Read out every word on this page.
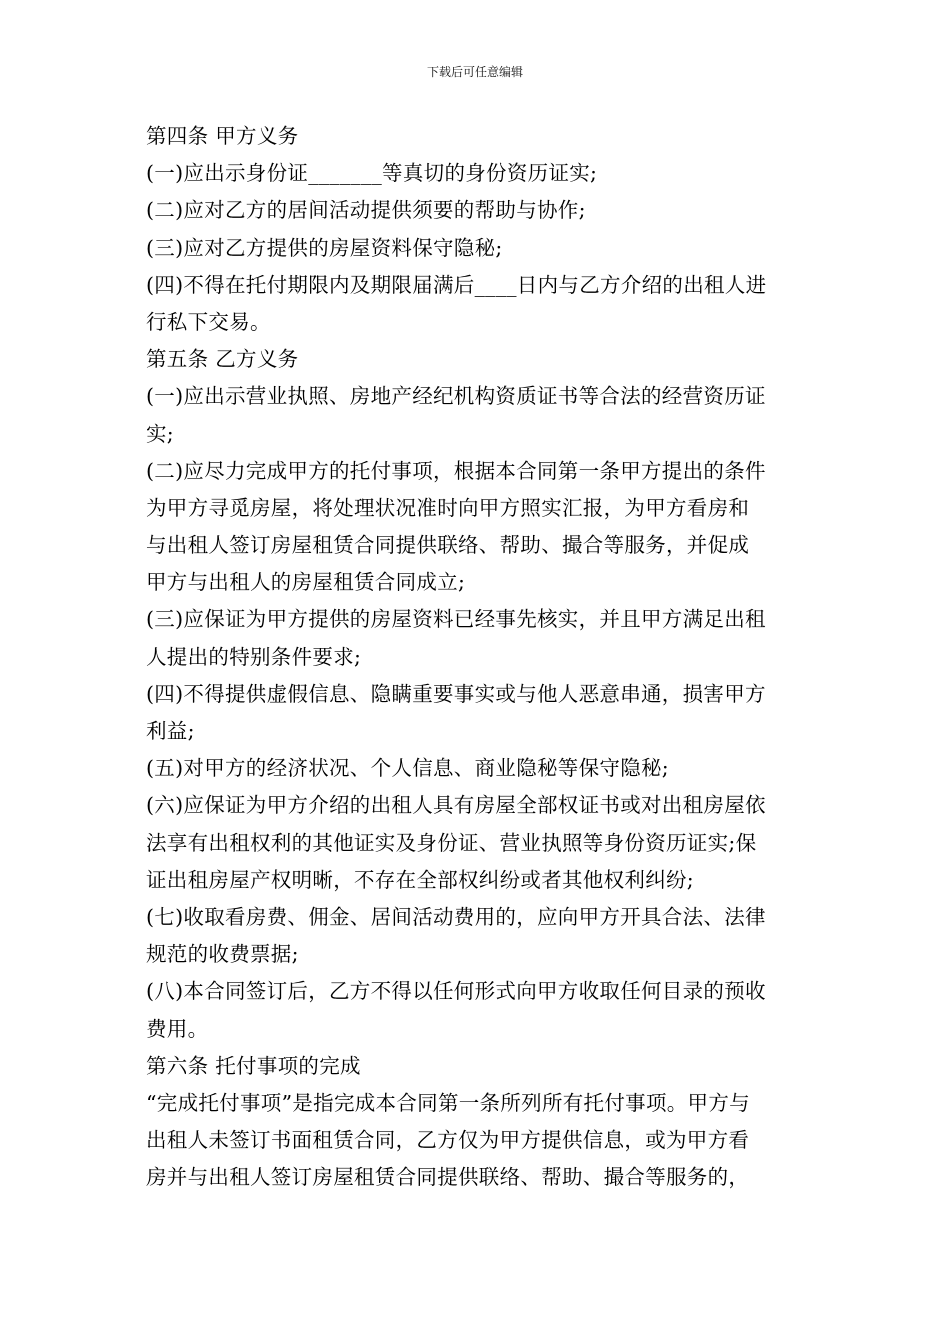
下载后可任意编辑
第四条 甲方义务
(一)应出示身份证_______等真切的身份资历证实;
(二)应对乙方的居间活动提供须要的帮助与协作;
(三)应对乙方提供的房屋资料保守隐秘;
(四)不得在托付期限内及期限届满后____日内与乙方介绍的出租人进
行私下交易。
第五条 乙方义务
(一)应出示营业执照、房地产经纪机构资质证书等合法的经营资历证
实;
(二)应尽力完成甲方的托付事项，根据本合同第一条甲方提出的条件
为甲方寻觅房屋，将处理状况准时向甲方照实汇报，为甲方看房和
与出租人签订房屋租赁合同提供联络、帮助、撮合等服务，并促成
甲方与出租人的房屋租赁合同成立;
(三)应保证为甲方提供的房屋资料已经事先核实，并且甲方满足出租
人提出的特别条件要求;
(四)不得提供虚假信息、隐瞒重要事实或与他人恶意串通，损害甲方
利益;
(五)对甲方的经济状况、个人信息、商业隐秘等保守隐秘;
(六)应保证为甲方介绍的出租人具有房屋全部权证书或对出租房屋依
法享有出租权利的其他证实及身份证、营业执照等身份资历证实;保
证出租房屋产权明晰，不存在全部权纠纷或者其他权利纠纷;
(七)收取看房费、佣金、居间活动费用的，应向甲方开具合法、法律
规范的收费票据;
(八)本合同签订后，乙方不得以任何形式向甲方收取任何目录的预收
费用。
第六条 托付事项的完成
“完成托付事项”是指完成本合同第一条所列所有托付事项。甲方与
出租人未签订书面租赁合同，乙方仅为甲方提供信息，或为甲方看
房并与出租人签订房屋租赁合同提供联络、帮助、撮合等服务的，
